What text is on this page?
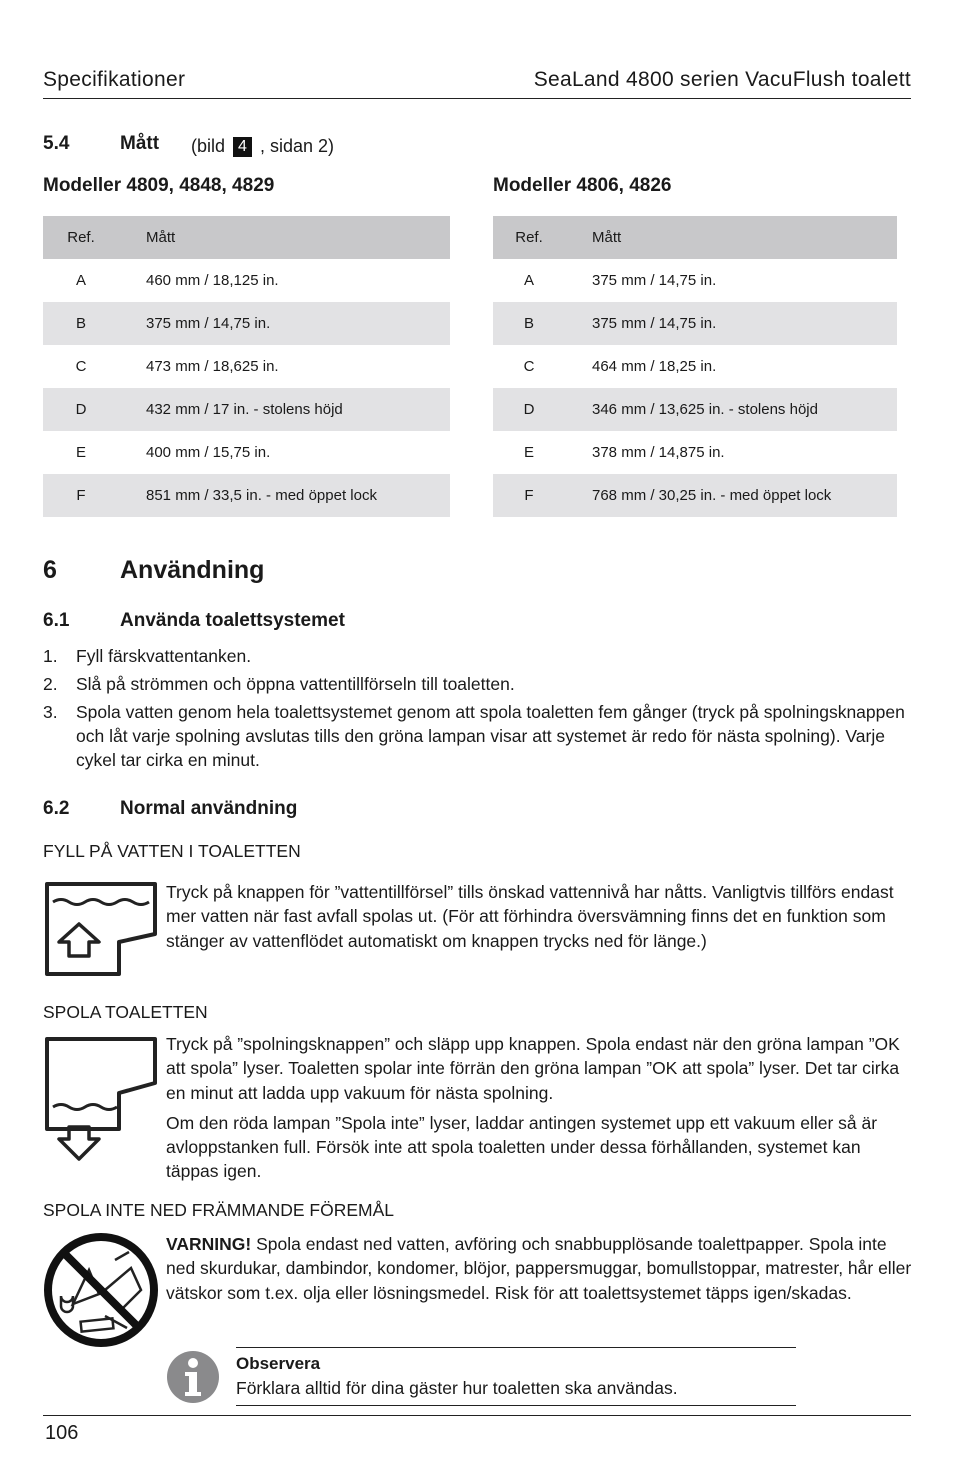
Specifikationer	SeaLand 4800 serien VacuFlush toalett
5.4	Mått (bild 4 , sidan 2)
Modeller 4809, 4848, 4829	Modeller 4806, 4826
Ref.	Mått
A	460 mm / 18,125 in.
B	375 mm / 14,75 in.
C	473 mm / 18,625 in.
D	432 mm / 17 in. - stolens höjd
E	400 mm / 15,75 in.
F	851 mm / 33,5 in. - med öppet lock
Ref.	Mått
A	375 mm / 14,75 in.
B	375 mm / 14,75 in.
C	464 mm / 18,25 in.
D	346 mm / 13,625 in. - stolens höjd
E	378 mm / 14,875 in.
F	768 mm / 30,25 in. - med öppet lock
6	Användning
6.1	Använda toalettsystemet
1. Fyll färskvattentanken.
2. Slå på strömmen och öppna vattentillförseln till toaletten.
3. Spola vatten genom hela toalettsystemet genom att spola toaletten fem gånger (tryck på spolningsknappen och låt varje spolning avslutas tills den gröna lampan visar att systemet är redo för nästa spolning). Varje cykel tar cirka en minut.
6.2	Normal användning
FYLL PÅ VATTEN I TOALETTEN
Tryck på knappen för ”vattentillförsel” tills önskad vattennivå har nåtts. Vanligtvis tillförs endast mer vatten när fast avfall spolas ut. (För att förhindra översvämning finns det en funktion som stänger av vattenflödet automatiskt om knappen trycks ned för länge.)
SPOLA TOALETTEN

Tryck på ”spolningsknappen” och släpp upp knappen. Spola endast när den gröna lampan ”OK att spola” lyser. Toaletten spolar inte förrän den gröna lampan ”OK att spola” lyser. Det tar cirka en minut att ladda upp vakuum för nästa spolning.

Om den röda lampan ”Spola inte” lyser, laddar antingen systemet upp ett vakuum eller så är avloppstanken full. Försök inte att spola toaletten under dessa förhållanden, systemet kan täppas igen.

SPOLA INTE NED FRÄMMANDE FÖREMÅL
VARNING! Spola endast ned vatten, avföring och snabbupplösande toalettpapper. Spola inte ned skurdukar, dambindor, kondomer, blöjor, pappersmuggar, bomullstoppar, matrester, hår eller vätskor som t.ex. olja eller lösningsmedel. Risk för att toalettsystemet täpps igen/skadas.
Observera
Förklara alltid för dina gäster hur toaletten ska användas.
106
